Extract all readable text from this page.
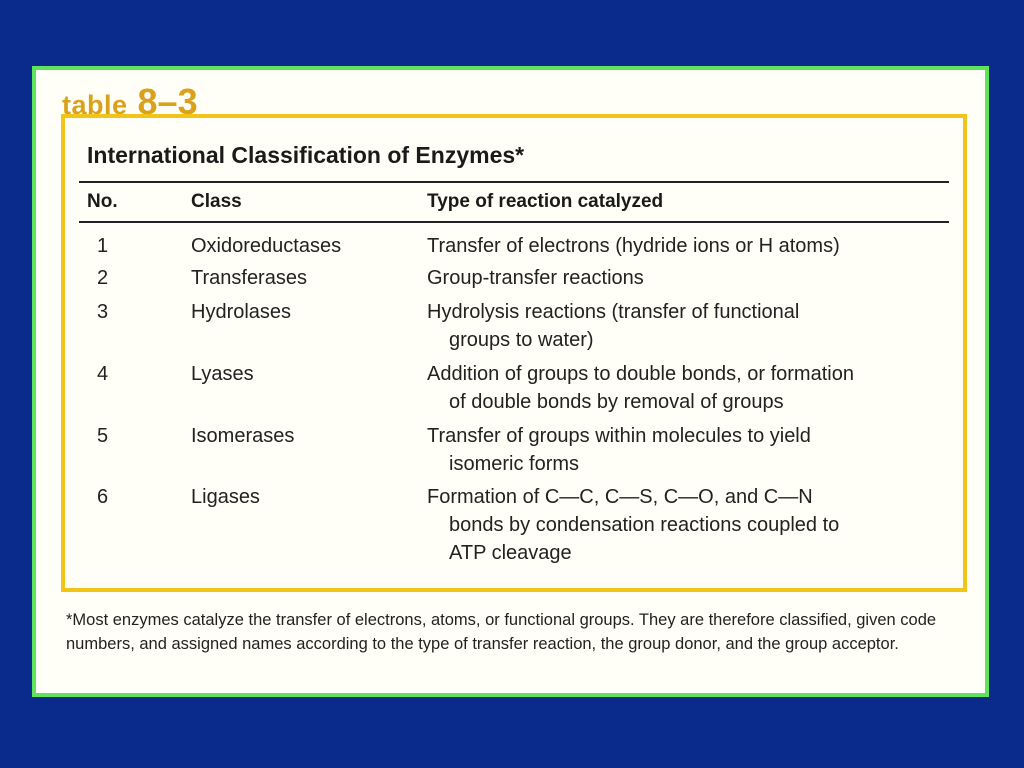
table 8–3
International Classification of Enzymes*
No.	Class	Type of reaction catalyzed
1	Oxidoreductases	Transfer of electrons (hydride ions or H atoms)
2	Transferases	Group-transfer reactions
3	Hydrolases	Hydrolysis reactions (transfer of functional
groups to water)
4	Lyases	Addition of groups to double bonds, or formation
of double bonds by removal of groups
5	Isomerases	Transfer of groups within molecules to yield
isomeric forms
6	Ligases	Formation of C—C, C—S, C—O, and C—N
bonds by condensation reactions coupled to
ATP cleavage
*Most enzymes catalyze the transfer of electrons, atoms, or functional groups. They are therefore classified, given code numbers, and assigned names according to the type of transfer reaction, the group donor, and the group acceptor.
